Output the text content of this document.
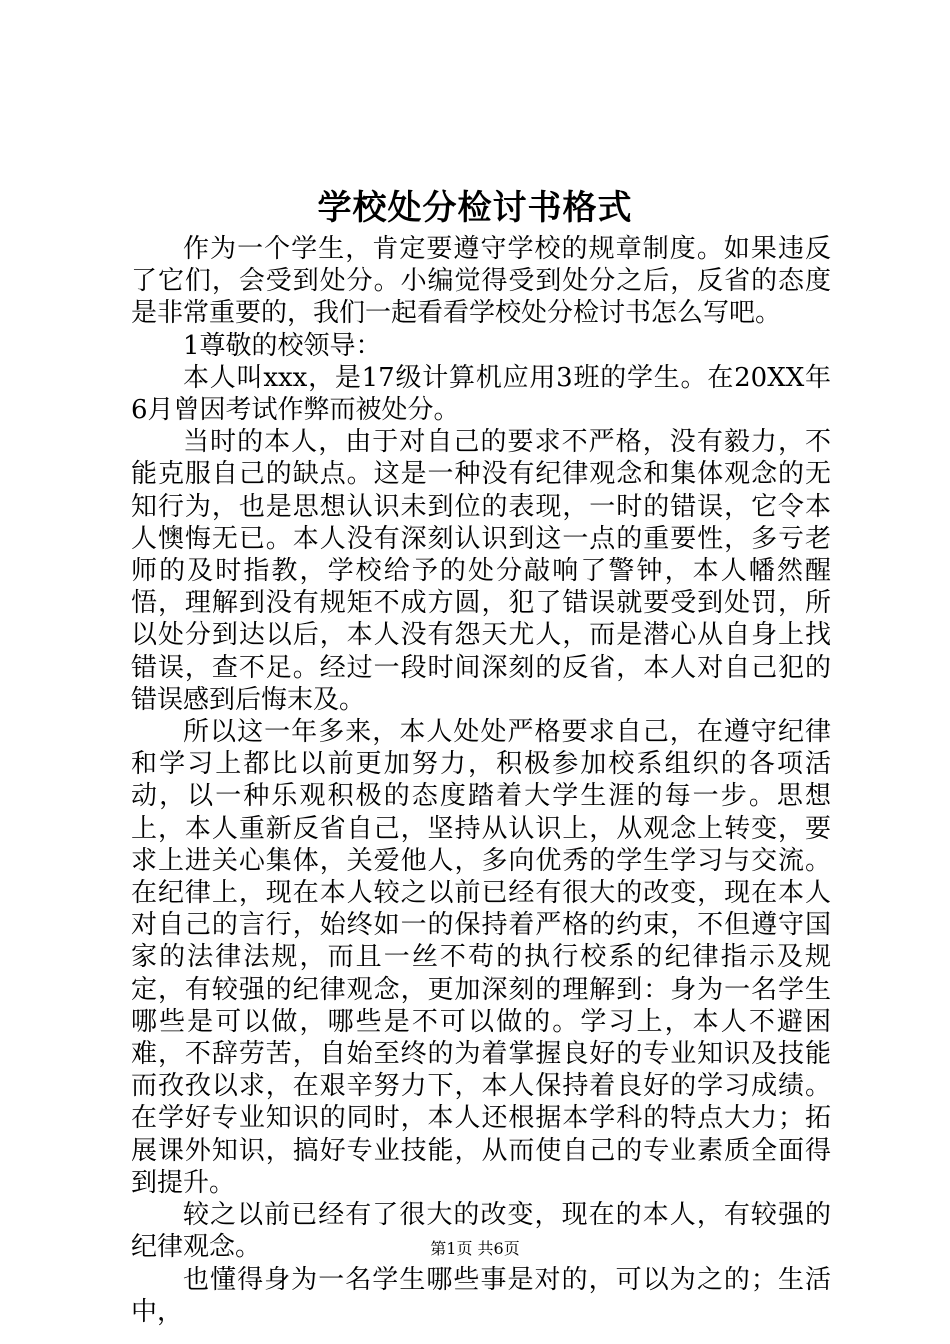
学校处分检讨书格式

作为一个学生，肯定要遵守学校的规章制度。如果违反了它们，会受到处分。小编觉得受到处分之后，反省的态度是非常重要的，我们一起看看学校处分检讨书怎么写吧。

1尊敬的校领导：

本人叫xxx，是17级计算机应用3班的学生。在20XX年6月曾因考试作弊而被处分。

当时的本人，由于对自己的要求不严格，没有毅力，不能克服自己的缺点。这是一种没有纪律观念和集体观念的无知行为，也是思想认识未到位的表现，一时的错误，它令本人懊悔无已。本人没有深刻认识到这一点的重要性，多亏老师的及时指教，学校给予的处分敲响了警钟，本人幡然醒悟，理解到没有规矩不成方圆，犯了错误就要受到处罚，所以处分到达以后，本人没有怨天尤人，而是潜心从自身上找错误，查不足。经过一段时间深刻的反省，本人对自己犯的错误感到后悔末及。

所以这一年多来，本人处处严格要求自己，在遵守纪律和学习上都比以前更加努力，积极参加校系组织的各项活动，以一种乐观积极的态度踏着大学生涯的每一步。思想上，本人重新反省自己，坚持从认识上，从观念上转变，要求上进关心集体，关爱他人，多向优秀的学生学习与交流。在纪律上，现在本人较之以前已经有很大的改变，现在本人对自己的言行，始终如一的保持着严格的约束，不但遵守国家的法律法规，而且一丝不苟的执行校系的纪律指示及规定，有较强的纪律观念，更加深刻的理解到：身为一名学生哪些是可以做，哪些是不可以做的。学习上，本人不避困难，不辞劳苦，自始至终的为着掌握良好的专业知识及技能而孜孜以求，在艰辛努力下，本人保持着良好的学习成绩。在学好专业知识的同时，本人还根据本学科的特点大力；拓展课外知识，搞好专业技能，从而使自己的专业素质全面得到提升。

较之以前已经有了很大的改变，现在的本人，有较强的纪律观念。

也懂得身为一名学生哪些事是对的，可以为之的；生活中，

第1页 共6页
